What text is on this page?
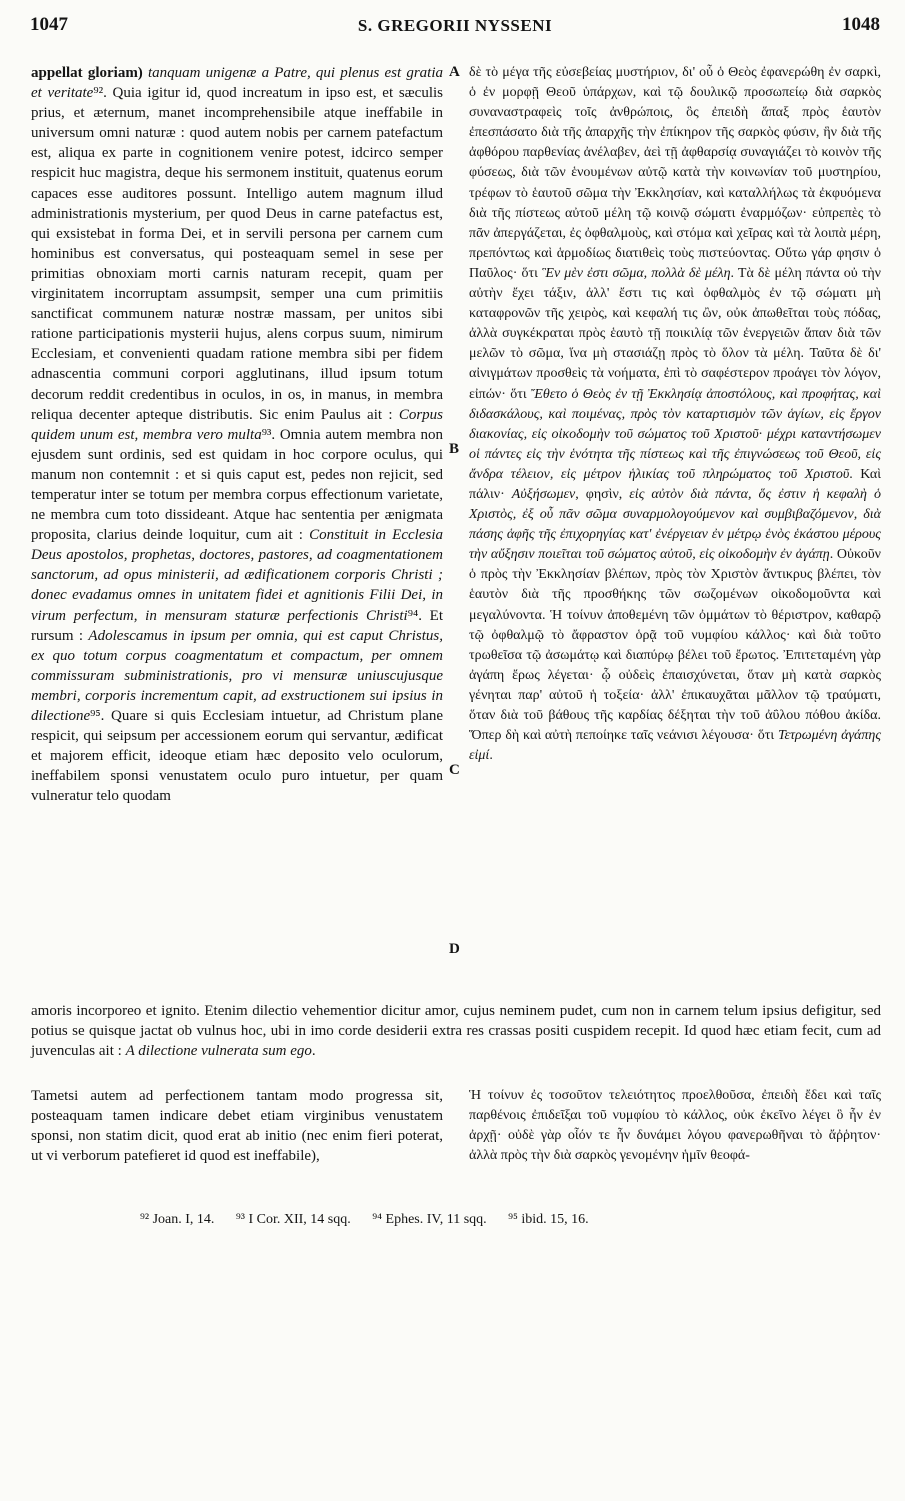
1047	S. GREGORII NYSSENI	1048
A
B
C
D

appellat gloriam) tanquam unigenæ a Patre, qui plenus est gratia et veritate⁹². Quia igitur id, quod increatum in ipso est, et sæculis prius, et æternum, manet incomprehensibile atque ineffabile in universum omni naturæ : quod autem nobis per carnem patefactum est, aliqua ex parte in cognitionem venire potest, idcirco semper respicit huc magistra, deque his sermonem instituit, quatenus eorum capaces esse auditores possunt. Intelligo autem magnum illud administrationis mysterium, per quod Deus in carne patefactus est, qui exsistebat in forma Dei, et in servili persona per carnem cum hominibus est conversatus, qui posteaquam semel in sese per primitias obnoxiam morti carnis naturam recepit, quam per virginitatem incorruptam assumpsit, semper una cum primitiis sanctificat communem naturæ nostræ massam, per unitos sibi ratione participationis mysterii hujus, alens corpus suum, nimirum Ecclesiam, et convenienti quadam ratione membra sibi per fidem adnascentia communi corpori agglutinans, illud ipsum totum decorum reddit credentibus in oculos, in os, in manus, in membra reliqua decenter apteque distributis. Sic enim Paulus ait : Corpus quidem unum est, membra vero multa⁹³. Omnia autem membra non ejusdem sunt ordinis, sed est quidam in hoc corpore oculus, qui manum non contemnit : et si quis caput est, pedes non rejicit, sed temperatur inter se totum per membra corpus effectionum varietate, ne membra cum toto dissideant. Atque hac sententia per ænigmata proposita, clarius deinde loquitur, cum ait : Constituit in Ecclesia Deus apostolos, prophetas, doctores, pastores, ad coagmentationem sanctorum, ad opus ministerii, ad ædificationem corporis Christi ; donec evadamus omnes in unitatem fidei et agnitionis Filii Dei, in virum perfectum, in mensuram staturæ perfectionis Christi⁹⁴. Et rursum : Adolescamus in ipsum per omnia, qui est caput Christus, ex quo totum corpus coagmentatum et compactum, per omnem commissuram subministrationis, pro vi mensuræ uniuscujusque membri, corporis incrementum capit, ad exstructionem sui ipsius in dilectione⁹⁵. Quare si quis Ecclesiam intuetur, ad Christum plane respicit, qui seipsum per accessionem eorum qui servantur, ædificat et majorem efficit, ideoque etiam hæc deposito velo oculorum, ineffabilem sponsi venustatem oculo puro intuetur, per quam vulneratur telo quodam

δὲ τὸ μέγα τῆς εὐσεβείας μυστήριον, δι' οὗ ὁ Θεὸς ἐφανερώθη ἐν σαρκὶ, ὁ ἐν μορφῇ Θεοῦ ὑπάρχων, καὶ τῷ δουλικῷ προσωπείῳ διὰ σαρκὸς συναναστραφεὶς τοῖς ἀνθρώποις, ὃς ἐπειδὴ ἅπαξ πρὸς ἑαυτὸν ἐπεσπάσατο διὰ τῆς ἀπαρχῆς τὴν ἐπίκηρον τῆς σαρκὸς φύσιν, ἣν διὰ τῆς ἀφθόρου παρθενίας ἀνέλαβεν, ἀεὶ τῇ ἀφθαρσίᾳ συναγιάζει τὸ κοινὸν τῆς φύσεως, διὰ τῶν ἑνουμένων αὐτῷ κατὰ τὴν κοινωνίαν τοῦ μυστηρίου, τρέφων τὸ ἑαυτοῦ σῶμα τὴν Ἐκκλησίαν, καὶ καταλλήλως τὰ ἐκφυόμενα διὰ τῆς πίστεως αὐτοῦ μέλη τῷ κοινῷ σώματι ἐναρμόζων· εὐπρεπὲς τὸ πᾶν ἀπεργάζεται, ἐς ὀφθαλμοὺς, καὶ στόμα καὶ χεῖρας καὶ τὰ λοιπὰ μέρη, πρεπόντως καὶ ἁρμοδίως διατιθεὶς τοὺς πιστεύοντας. Οὕτω γάρ φησιν ὁ Παῦλος· ὅτι Ἓν μὲν ἐστι σῶμα, πολλὰ δὲ μέλη. Τὰ δὲ μέλη πάντα οὐ τὴν αὐτὴν ἔχει τάξιν, ἀλλ' ἔστι τις καὶ ὀφθαλμὸς ἐν τῷ σώματι μὴ καταφρονῶν τῆς χειρὸς, καὶ κεφαλή τις ὢν, οὐκ ἀπωθεῖται τοὺς πόδας, ἀλλὰ συγκέκραται πρὸς ἑαυτὸ τῇ ποικιλίᾳ τῶν ἐνεργειῶν ἅπαν διὰ τῶν μελῶν τὸ σῶμα, ἵνα μὴ στασιάζῃ πρὸς τὸ ὅλον τὰ μέλη. Ταῦτα δὲ δι' αἰνιγμάτων προσθεὶς τὰ νοήματα, ἐπὶ τὸ σαφέστερον προάγει τὸν λόγον, εἰπών· ὅτι Ἔθετο ὁ Θεὸς ἐν τῇ Ἐκκλησίᾳ ἀποστόλους, καὶ προφήτας, καὶ διδασκάλους, καὶ ποιμένας, πρὸς τὸν καταρτισμὸν τῶν ἁγίων, εἰς ἔργον διακονίας, εἰς οἰκοδομὴν τοῦ σώματος τοῦ Χριστοῦ· μέχρι καταντήσωμεν οἱ πάντες εἰς τὴν ἑνότητα τῆς πίστεως καὶ τῆς ἐπιγνώσεως τοῦ Θεοῦ, εἰς ἄνδρα τέλειον, εἰς μέτρον ἡλικίας τοῦ πληρώματος τοῦ Χριστοῦ. Καὶ πάλιν· Αὐξήσωμεν, φησὶν, εἰς αὐτὸν διὰ πάντα, ὅς ἐστιν ἡ κεφαλὴ ὁ Χριστὸς, ἐξ οὗ πᾶν σῶμα συναρμολογούμενον καὶ συμβιβαζόμενον, διὰ πάσης ἁφῆς τῆς ἐπιχορηγίας κατ' ἐνέργειαν ἐν μέτρῳ ἑνὸς ἑκάστου μέρους τὴν αὔξησιν ποιεῖται τοῦ σώματος αὐτοῦ, εἰς οἰκοδομὴν ἐν ἀγάπῃ. Οὐκοῦν ὁ πρὸς τὴν Ἐκκλησίαν βλέπων, πρὸς τὸν Χριστὸν ἄντικρυς βλέπει, τὸν ἑαυτὸν διὰ τῆς προσθήκης τῶν σωζομένων οἰκοδομοῦντα καὶ μεγαλύνοντα. Ἡ τοίνυν ἀποθεμένη τῶν ὀμμάτων τὸ θέριστρον, καθαρῷ τῷ ὀφθαλμῷ τὸ ἄφραστον ὁρᾷ τοῦ νυμφίου κάλλος· καὶ διὰ τοῦτο τρωθεῖσα τῷ ἀσωμάτῳ καὶ διαπύρῳ βέλει τοῦ ἔρωτος. Ἐπιτεταμένη γὰρ ἀγάπη ἔρως λέγεται· ᾧ οὐδεὶς ἐπαισχύνεται, ὅταν μὴ κατὰ σαρκὸς γένηται παρ' αὐτοῦ ἡ τοξεία· ἀλλ' ἐπικαυχᾶται μᾶλλον τῷ τραύματι, ὅταν διὰ τοῦ βάθους τῆς καρδίας δέξηται τὴν τοῦ ἀΰλου πόθου ἀκίδα. Ὅπερ δὴ καὶ αὐτὴ πεποίηκε ταῖς νεάνισι λέγουσα· ὅτι Τετρωμένη ἀγάπης εἰμί.

amoris incorporeo et ignito. Etenim dilectio vehementior dicitur amor, cujus neminem pudet, cum non in carnem telum ipsius defigitur, sed potius se quisque jactat ob vulnus hoc, ubi in imo corde desiderii extra res crassas positi cuspidem recepit. Id quod hæc etiam fecit, cum ad juvenculas ait : A dilectione vulnerata sum ego.

Tametsi autem ad perfectionem tantam modo progressa sit, posteaquam tamen indicare debet etiam virginibus venustatem sponsi, non statim dicit, quod erat ab initio (nec enim fieri poterat, ut vi verborum patefieret id quod est ineffabile),

Ἡ τοίνυν ἐς τοσοῦτον τελειότητος προελθοῦσα, ἐπειδὴ ἔδει καὶ ταῖς παρθένοις ἐπιδεῖξαι τοῦ νυμφίου τὸ κάλλος, οὐκ ἐκεῖνο λέγει ὃ ἦν ἐν ἀρχῇ· οὐδὲ γὰρ οἷόν τε ἦν δυνάμει λόγου φανερωθῆναι τὸ ἄῤῥητον· ἀλλὰ πρὸς τὴν διὰ σαρκὸς γενομένην ἡμῖν θεοφά-

⁹² Joan. I, 14. ⁹³ I Cor. XII, 14 sqq. ⁹⁴ Ephes. IV, 11 sqq. ⁹⁵ ibid. 15, 16.
